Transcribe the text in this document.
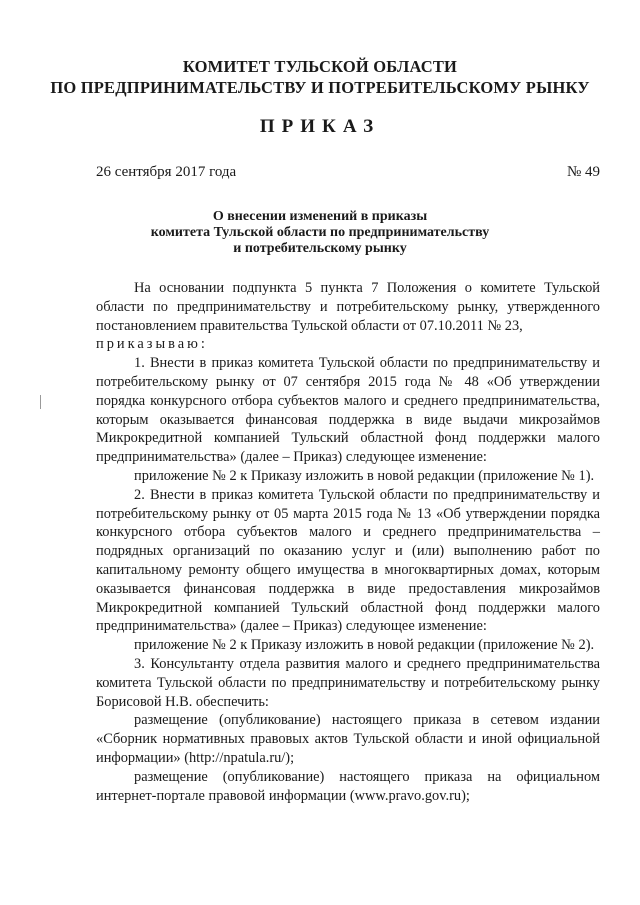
КОМИТЕТ ТУЛЬСКОЙ ОБЛАСТИ
ПО ПРЕДПРИНИМАТЕЛЬСТВУ И ПОТРЕБИТЕЛЬСКОМУ РЫНКУ
ПРИКАЗ
26 сентября 2017 года	№ 49
О внесении изменений в приказы
комитета Тульской области по предпринимательству
и потребительскому рынку

На основании подпункта 5 пункта 7 Положения о комитете Тульской области по предпринимательству и потребительскому рынку, утвержденного постановлением правительства Тульской области от 07.10.2011 № 23,

приказываю:

1. Внести в приказ комитета Тульской области по предпринимательству и потребительскому рынку от 07 сентября 2015 года № 48 «Об утверждении порядка конкурсного отбора субъектов малого и среднего предпринимательства, которым оказывается финансовая поддержка в виде выдачи микрозаймов Микрокредитной компанией Тульский областной фонд поддержки малого предпринимательства» (далее – Приказ) следующее изменение:

приложение № 2 к Приказу изложить в новой редакции (приложение № 1).

2. Внести в приказ комитета Тульской области по предпринимательству и потребительскому рынку от 05 марта 2015 года № 13 «Об утверждении порядка конкурсного отбора субъектов малого и среднего предпринимательства – подрядных организаций по оказанию услуг и (или) выполнению работ по капитальному ремонту общего имущества в многоквартирных домах, которым оказывается финансовая поддержка в виде предоставления микрозаймов Микрокредитной компанией Тульский областной фонд поддержки малого предпринимательства» (далее – Приказ) следующее изменение:

приложение № 2 к Приказу изложить в новой редакции (приложение № 2).

3. Консультанту отдела развития малого и среднего предпринимательства комитета Тульской области по предпринимательству и потребительскому рынку Борисовой Н.В. обеспечить:

размещение (опубликование) настоящего приказа в сетевом издании «Сборник нормативных правовых актов Тульской области и иной официальной информации» (http://npatula.ru/);

размещение (опубликование) настоящего приказа на официальном интернет-портале правовой информации (www.pravo.gov.ru);
